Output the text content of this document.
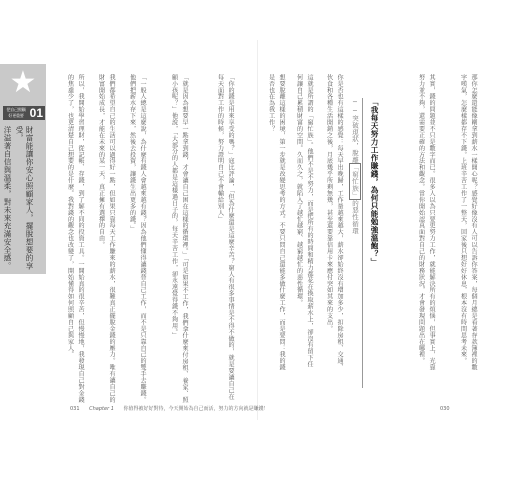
★
把自己照顧好更重要 01
財富能讓你安心照顧家人，擺脫想要的享受，
洋溢著自信與溫柔，對未來充滿安全感。	「你的錢是用來享受的嗎？」寇比評論，「但為什麼還是這麼辛苦？窮人有很多事情是不得不做的，就是要讓自己在每天面對工作的時候，努力證明自己不會輸給別人」
「就是因為想要早一點拿到錢，才會讓自己困在這樣的循環裡。」「可是如果不工作，我們拿什麼來付房租、養家、照顧小孩呢？」他說，「大部分的人都是這樣過日子的，每天辛苦工作，卻永遠覺得錢不夠用。」
「一般人總是這麼說，為什麼有錢人會越來越有錢？因為他們懂得讓錢替自己工作，而不是只靠自己的雙手去賺錢。他們把薪水存下來，然後去投資，讓錢生出更多的錢。」
我們都希望自己的生活可以過得好一點，但如果只靠每天工作賺來的薪水，很難真正擺脫金錢的壓力。唯有讓自己的財富開始成長，才能在未來的某一天，真正擁有選擇的自由。
所以，我開始學習理財，從記帳、存錢，到了解不同的投資工具。一開始真的很辛苦，但慢慢地，我發現自己對金錢的焦慮少了，也更清楚自己想要的是什麼。我對錢的觀念也改變了，開始懂得如何照顧自己與家人。
031 Chapter 1 你值得被好好對待，今天開始為自己而活，努力的方向就是賺錢！
那你怎麼還能像剛拿到薪水一樣開心呢？感覺好像沒有人可以告訴你答案，每個月總是看著存款簿裡的數字嘆氣，怎麼樣都存不下錢。上班辛苦工作了一整天，回家後只想好好休息，根本沒有時間思考未來。
其實，錢的問題並不只是數字而已。很多人以為只要更努力工作，就能解決所有的煩惱，但事實上，光靠努力並不夠，還需要正確的方法和觀念。當你開始認真面對自己的財務狀況，才會發現問題出在哪裡。
「我每天努力工作賺錢，為何只能勉強溫飽？」
──突破現狀，脫離「窮忙族」的惡性循環
你是否也有這樣的感覺：每天早出晚歸，工作量越來越大，薪水卻始終沒有增加多少，扣除房租、交通、伙食和各種生活開銷之後，月底幾乎所剩無幾，甚至還要靠信用卡來應付突如其來的支出。
這就是所謂的「窮忙族」。他們不是不努力，而是把所有的時間和精力都花在換取薪水上，卻沒有留下任何讓自己累積財富的空間。久而久之，就陷入了越忙越窮、越窮越忙的惡性循環。
想要脫離這樣的困境，第一步就是改變思考的方式。不要只問自己還能多做什麼工作，而是要問：我的錢是否也在為我工作？
030
